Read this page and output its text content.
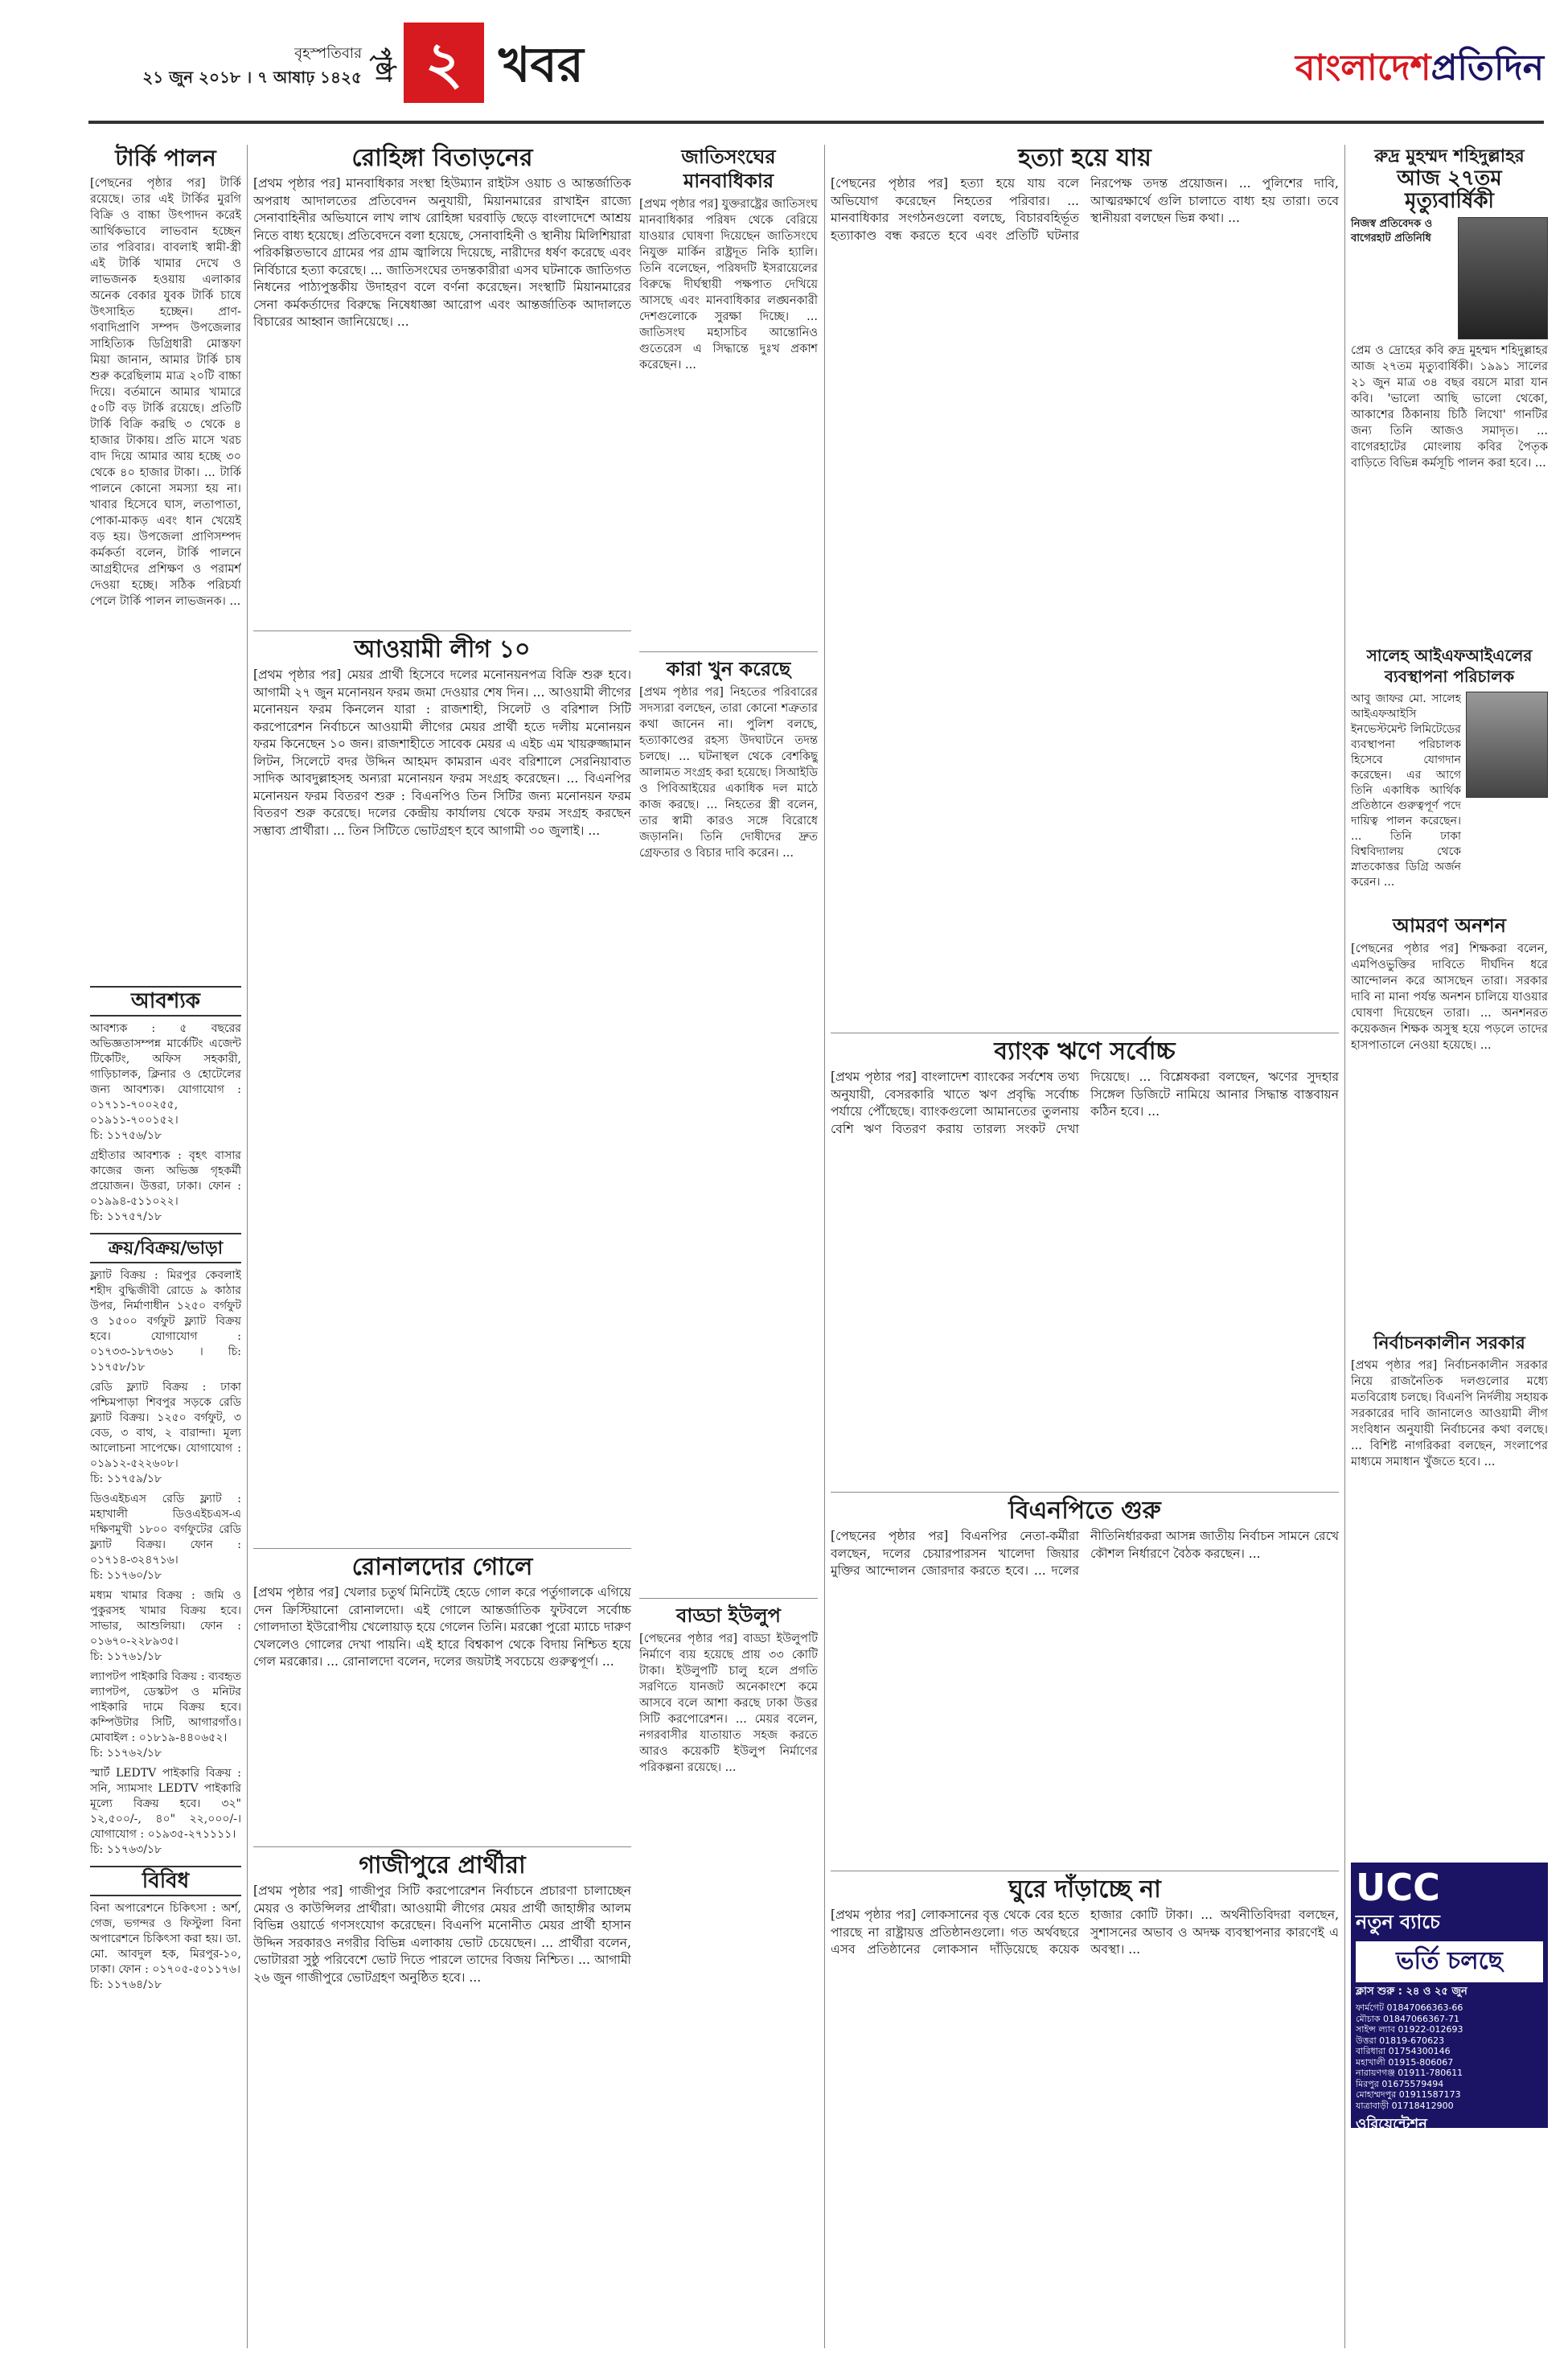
বৃহস্পতিবার
২১ জুন ২০১৮ । ৭ আষাঢ় ১৪২৫ পৃষ্ঠা ২ খবর	বাংলাদেশপ্রতিদিন
টার্কি পালন
[পেছনের পৃষ্ঠার পর] টার্কি রয়েছে। তার এই টার্কির মুরগি বিক্রি ও বাচ্চা উৎপাদন করেই আর্থিকভাবে লাভবান হচ্ছেন তার পরিবার। বাবলাই স্বামী-স্ত্রী এই টার্কি খামার দেখে ও লাভজনক হওয়ায় এলাকার অনেক বেকার যুবক টার্কি চাষে উৎসাহিত হচ্ছেন। প্রাণ-গবাদিপ্রাণি সম্পদ উপজেলার সাহিত্যিক ডিগ্রিধারী মোস্তফা মিয়া জানান, আমার টার্কি চাষ শুরু করেছিলাম মাত্র ২০টি বাচ্চা দিয়ে। বর্তমানে আমার খামারে ৫০টি বড় টার্কি রয়েছে। প্রতিটি টার্কি বিক্রি করছি ৩ থেকে ৪ হাজার টাকায়। প্রতি মাসে খরচ বাদ দিয়ে আমার আয় হচ্ছে ৩০ থেকে ৪০ হাজার টাকা। ... টার্কি পালনে কোনো সমস্যা হয় না। খাবার হিসেবে ঘাস, লতাপাতা, পোকা-মাকড় এবং ধান খেয়েই বড় হয়। উপজেলা প্রাণিসম্পদ কর্মকর্তা বলেন, টার্কি পালনে আগ্রহীদের প্রশিক্ষণ ও পরামর্শ দেওয়া হচ্ছে। সঠিক পরিচর্যা পেলে টার্কি পালন লাভজনক। ...
আবশ্যক
আবশ্যক : ৫ বছরের অভিজ্ঞতাসম্পন্ন মার্কেটিং এজেন্ট টিকেটিং, অফিস সহকারী, গাড়িচালক, ক্লিনার ও হোটেলের জন্য আবশ্যক। যোগাযোগ : ০১৭১১-৭০০২৫৫, ০১৯১১-৭০০১৫২।
চি: ১১৭৫৬/১৮
গ্রহীতার আবশ্যক : বৃহৎ বাসার কাজের জন্য অভিজ্ঞ গৃহকর্মী প্রয়োজন। উত্তরা, ঢাকা। ফোন : ০১৯৯৪-৫১১০২২।
চি: ১১৭৫৭/১৮
ক্রয়/বিক্রয়/ভাড়া
ফ্ল্যাট বিক্রয় : মিরপুর কেবলাই শহীদ বুদ্ধিজীবী রোডে ৯ কাঠার উপর, নির্মাণাধীন ১২৫০ বর্গফুট ও ১৫০০ বর্গফুট ফ্ল্যাট বিক্রয় হবে। যোগাযোগ : ০১৭৩৩-১৮৭৩৬১ । চি: ১১৭৫৮/১৮
রেডি ফ্ল্যাট বিক্রয় : ঢাকা পশ্চিমপাড়া শিবপুর সড়কে রেডি ফ্ল্যাট বিক্রয়। ১২৫০ বর্গফুট, ৩ বেড, ৩ বাথ, ২ বারান্দা। মূল্য আলোচনা সাপেক্ষে। যোগাযোগ : ০১৯১২-৫২২৬০৮।
চি: ১১৭৫৯/১৮
ডিওএইচএস রেডি ফ্ল্যাট : মহাখালী ডিওএইচএস-এ দক্ষিণমুখী ১৮০০ বর্গফুটের রেডি ফ্ল্যাট বিক্রয়। ফোন : ০১৭১৪-৩২৪৭১৬।
চি: ১১৭৬০/১৮
মধ্যম খামার বিক্রয় : জমি ও পুকুরসহ খামার বিক্রয় হবে। সাভার, আশুলিয়া। ফোন : ০১৬৭০-২২৮৯৩৫।
চি: ১১৭৬১/১৮
ল্যাপটপ পাইকারি বিক্রয় : ব্যবহৃত ল্যাপটপ, ডেস্কটপ ও মনিটর পাইকারি দামে বিক্রয় হবে। কম্পিউটার সিটি, আগারগাঁও। মোবাইল : ০১৮১৯-৪৪০৬৫২।
চি: ১১৭৬২/১৮
স্মার্ট LEDTV পাইকারি বিক্রয় : সনি, স্যামসাং LEDTV পাইকারি মূল্যে বিক্রয় হবে। ৩২" ১২,৫০০/-, ৪০" ২২,০০০/-। যোগাযোগ : ০১৯৩৫-২৭১১১১।
চি: ১১৭৬৩/১৮
বিবিধ
বিনা অপারেশনে চিকিৎসা : অর্শ, গেজ, ভগন্দর ও ফিস্টুলা বিনা অপারেশনে চিকিৎসা করা হয়। ডা. মো. আবদুল হক, মিরপুর-১০, ঢাকা। ফোন : ০১৭০৫-৫০১১৭৬।
চি: ১১৭৬৪/১৮
রোহিঙ্গা বিতাড়নের
[প্রথম পৃষ্ঠার পর] মানবাধিকার সংস্থা হিউম্যান রাইটস ওয়াচ ও আন্তর্জাতিক অপরাধ আদালতের প্রতিবেদন অনুযায়ী, মিয়ানমারের রাখাইন রাজ্যে সেনাবাহিনীর অভিযানে লাখ লাখ রোহিঙ্গা ঘরবাড়ি ছেড়ে বাংলাদেশে আশ্রয় নিতে বাধ্য হয়েছে। প্রতিবেদনে বলা হয়েছে, সেনাবাহিনী ও স্থানীয় মিলিশিয়ারা পরিকল্পিতভাবে গ্রামের পর গ্রাম জ্বালিয়ে দিয়েছে, নারীদের ধর্ষণ করেছে এবং নির্বিচারে হত্যা করেছে। ... জাতিসংঘের তদন্তকারীরা এসব ঘটনাকে জাতিগত নিধনের পাঠ্যপুস্তকীয় উদাহরণ বলে বর্ণনা করেছেন। সংস্থাটি মিয়ানমারের সেনা কর্মকর্তাদের বিরুদ্ধে নিষেধাজ্ঞা আরোপ এবং আন্তর্জাতিক আদালতে বিচারের আহ্বান জানিয়েছে। ...
আওয়ামী লীগ ১০
[প্রথম পৃষ্ঠার পর] মেয়র প্রার্থী হিসেবে দলের মনোনয়নপত্র বিক্রি শুরু হবে। আগামী ২৭ জুন মনোনয়ন ফরম জমা দেওয়ার শেষ দিন। ... আওয়ামী লীগের মনোনয়ন ফরম কিনলেন যারা : রাজশাহী, সিলেট ও বরিশাল সিটি করপোরেশন নির্বাচনে আওয়ামী লীগের মেয়র প্রার্থী হতে দলীয় মনোনয়ন ফরম কিনেছেন ১০ জন। রাজশাহীতে সাবেক মেয়র এ এইচ এম খায়রুজ্জামান লিটন, সিলেটে বদর উদ্দিন আহমদ কামরান এবং বরিশালে সেরনিয়াবাত সাদিক আবদুল্লাহসহ অন্যরা মনোনয়ন ফরম সংগ্রহ করেছেন। ... বিএনপির মনোনয়ন ফরম বিতরণ শুরু : বিএনপিও তিন সিটির জন্য মনোনয়ন ফরম বিতরণ শুরু করেছে। দলের কেন্দ্রীয় কার্যালয় থেকে ফরম সংগ্রহ করছেন সম্ভাব্য প্রার্থীরা। ... তিন সিটিতে ভোটগ্রহণ হবে আগামী ৩০ জুলাই। ...
রোনালদোর গোলে
[প্রথম পৃষ্ঠার পর] খেলার চতুর্থ মিনিটেই হেডে গোল করে পর্তুগালকে এগিয়ে দেন ক্রিস্টিয়ানো রোনালদো। এই গোলে আন্তর্জাতিক ফুটবলে সর্বোচ্চ গোলদাতা ইউরোপীয় খেলোয়াড় হয়ে গেলেন তিনি। মরক্কো পুরো ম্যাচে দারুণ খেললেও গোলের দেখা পায়নি। এই হারে বিশ্বকাপ থেকে বিদায় নিশ্চিত হয়ে গেল মরক্কোর। ... রোনালদো বলেন, দলের জয়টাই সবচেয়ে গুরুত্বপূর্ণ। ...
গাজীপুরে প্রার্থীরা
[প্রথম পৃষ্ঠার পর] গাজীপুর সিটি করপোরেশন নির্বাচনে প্রচারণা চালাচ্ছেন মেয়র ও কাউন্সিলর প্রার্থীরা। আওয়ামী লীগের মেয়র প্রার্থী জাহাঙ্গীর আলম বিভিন্ন ওয়ার্ডে গণসংযোগ করেছেন। বিএনপি মনোনীত মেয়র প্রার্থী হাসান উদ্দিন সরকারও নগরীর বিভিন্ন এলাকায় ভোট চেয়েছেন। ... প্রার্থীরা বলেন, ভোটাররা সুষ্ঠু পরিবেশে ভোট দিতে পারলে তাদের বিজয় নিশ্চিত। ... আগামী ২৬ জুন গাজীপুরে ভোটগ্রহণ অনুষ্ঠিত হবে। ...
জাতিসংঘের মানবাধিকার
[প্রথম পৃষ্ঠার পর] যুক্তরাষ্ট্রের জাতিসংঘ মানবাধিকার পরিষদ থেকে বেরিয়ে যাওয়ার ঘোষণা দিয়েছেন জাতিসংঘে নিযুক্ত মার্কিন রাষ্ট্রদূত নিকি হ্যালি। তিনি বলেছেন, পরিষদটি ইসরায়েলের বিরুদ্ধে দীর্ঘস্থায়ী পক্ষপাত দেখিয়ে আসছে এবং মানবাধিকার লঙ্ঘনকারী দেশগুলোকে সুরক্ষা দিচ্ছে। ... জাতিসংঘ মহাসচিব আন্তোনিও গুতেরেস এ সিদ্ধান্তে দুঃখ প্রকাশ করেছেন। ...
কারা খুন করেছে
[প্রথম পৃষ্ঠার পর] নিহতের পরিবারের সদস্যরা বলছেন, তারা কোনো শত্রুতার কথা জানেন না। পুলিশ বলছে, হত্যাকাণ্ডের রহস্য উদঘাটনে তদন্ত চলছে। ... ঘটনাস্থল থেকে বেশকিছু আলামত সংগ্রহ করা হয়েছে। সিআইডি ও পিবিআইয়ের একাধিক দল মাঠে কাজ করছে। ... নিহতের স্ত্রী বলেন, তার স্বামী কারও সঙ্গে বিরোধে জড়াননি। তিনি দোষীদের দ্রুত গ্রেফতার ও বিচার দাবি করেন। ...
বাড্ডা ইউলুপ
[পেছনের পৃষ্ঠার পর] বাড্ডা ইউলুপটি নির্মাণে ব্যয় হয়েছে প্রায় ৩৩ কোটি টাকা। ইউলুপটি চালু হলে প্রগতি সরণিতে যানজট অনেকাংশে কমে আসবে বলে আশা করছে ঢাকা উত্তর সিটি করপোরেশন। ... মেয়র বলেন, নগরবাসীর যাতায়াত সহজ করতে আরও কয়েকটি ইউলুপ নির্মাণের পরিকল্পনা রয়েছে। ...
হত্যা হয়ে যায়
[পেছনের পৃষ্ঠার পর] হত্যা হয়ে যায় বলে অভিযোগ করেছেন নিহতের পরিবার। ... মানবাধিকার সংগঠনগুলো বলছে, বিচারবহির্ভূত হত্যাকাণ্ড বন্ধ করতে হবে এবং প্রতিটি ঘটনার নিরপেক্ষ তদন্ত প্রয়োজন। ... পুলিশের দাবি, আত্মরক্ষার্থে গুলি চালাতে বাধ্য হয় তারা। তবে স্থানীয়রা বলছেন ভিন্ন কথা। ...
ব্যাংক ঋণে সর্বোচ্চ
[প্রথম পৃষ্ঠার পর] বাংলাদেশ ব্যাংকের সর্বশেষ তথ্য অনুযায়ী, বেসরকারি খাতে ঋণ প্রবৃদ্ধি সর্বোচ্চ পর্যায়ে পৌঁছেছে। ব্যাংকগুলো আমানতের তুলনায় বেশি ঋণ বিতরণ করায় তারল্য সংকট দেখা দিয়েছে। ... বিশ্লেষকরা বলছেন, ঋণের সুদহার সিঙ্গেল ডিজিটে নামিয়ে আনার সিদ্ধান্ত বাস্তবায়ন কঠিন হবে। ...
বিএনপিতে গুরু
[পেছনের পৃষ্ঠার পর] বিএনপির নেতা-কর্মীরা বলছেন, দলের চেয়ারপারসন খালেদা জিয়ার মুক্তির আন্দোলন জোরদার করতে হবে। ... দলের নীতিনির্ধারকরা আসন্ন জাতীয় নির্বাচন সামনে রেখে কৌশল নির্ধারণে বৈঠক করছেন। ...
ঘুরে দাঁড়াচ্ছে না
[প্রথম পৃষ্ঠার পর] লোকসানের বৃত্ত থেকে বের হতে পারছে না রাষ্ট্রায়ত্ত প্রতিষ্ঠানগুলো। গত অর্থবছরে এসব প্রতিষ্ঠানের লোকসান দাঁড়িয়েছে কয়েক হাজার কোটি টাকা। ... অর্থনীতিবিদরা বলছেন, সুশাসনের অভাব ও অদক্ষ ব্যবস্থাপনার কারণেই এ অবস্থা। ...
রুদ্র মুহম্মদ শহিদুল্লাহর
আজ ২৭তম মৃত্যুবার্ষিকী
নিজস্ব প্রতিবেদক ও বাগেরহাট প্রতিনিধি
প্রেম ও দ্রোহের কবি রুদ্র মুহম্মদ শহিদুল্লাহর আজ ২৭তম মৃত্যুবার্ষিকী। ১৯৯১ সালের ২১ জুন মাত্র ৩৪ বছর বয়সে মারা যান কবি। 'ভালো আছি ভালো থেকো, আকাশের ঠিকানায় চিঠি লিখো' গানটির জন্য তিনি আজও সমাদৃত। ... বাগেরহাটের মোংলায় কবির পৈতৃক বাড়িতে বিভিন্ন কর্মসূচি পালন করা হবে। ...
সালেহ আইএফআইএলের ব্যবস্থাপনা পরিচালক
আবু জাফর মো. সালেহ আইএফআইসি ইনভেস্টমেন্ট লিমিটেডের ব্যবস্থাপনা পরিচালক হিসেবে যোগদান করেছেন। এর আগে তিনি একাধিক আর্থিক প্রতিষ্ঠানে গুরুত্বপূর্ণ পদে দায়িত্ব পালন করেছেন। ... তিনি ঢাকা বিশ্ববিদ্যালয় থেকে স্নাতকোত্তর ডিগ্রি অর্জন করেন। ...
আমরণ অনশন
[পেছনের পৃষ্ঠার পর] শিক্ষকরা বলেন, এমপিওভুক্তির দাবিতে দীর্ঘদিন ধরে আন্দোলন করে আসছেন তারা। সরকার দাবি না মানা পর্যন্ত অনশন চালিয়ে যাওয়ার ঘোষণা দিয়েছেন তারা। ... অনশনরত কয়েকজন শিক্ষক অসুস্থ হয়ে পড়লে তাদের হাসপাতালে নেওয়া হয়েছে। ...
নির্বাচনকালীন সরকার
[প্রথম পৃষ্ঠার পর] নির্বাচনকালীন সরকার নিয়ে রাজনৈতিক দলগুলোর মধ্যে মতবিরোধ চলছে। বিএনপি নির্দলীয় সহায়ক সরকারের দাবি জানালেও আওয়ামী লীগ সংবিধান অনুযায়ী নির্বাচনের কথা বলছে। ... বিশিষ্ট নাগরিকরা বলছেন, সংলাপের মাধ্যমে সমাধান খুঁজতে হবে। ...
UCC
নতুন ব্যাচে
ভর্তি চলছে
ক্লাস শুরু : ২৪ ও ২৫ জুন
ফার্মগেট 01847066363-66
মৌচাক 01847066367-71
সাইন্স ল্যাব 01922-012693
উত্তরা 01819-670623
বারিধারা 01754300146
মহাখালী 01915-806067
নারায়ণগঞ্জ 01911-780611
মিরপুর 01675579494
মোহাম্মদপুর 01911587173
যাত্রাবাড়ী 01718412900
ওরিয়েন্টেশন
২৯ জুন শুক্রবার দুপুর ২:৩০টা
